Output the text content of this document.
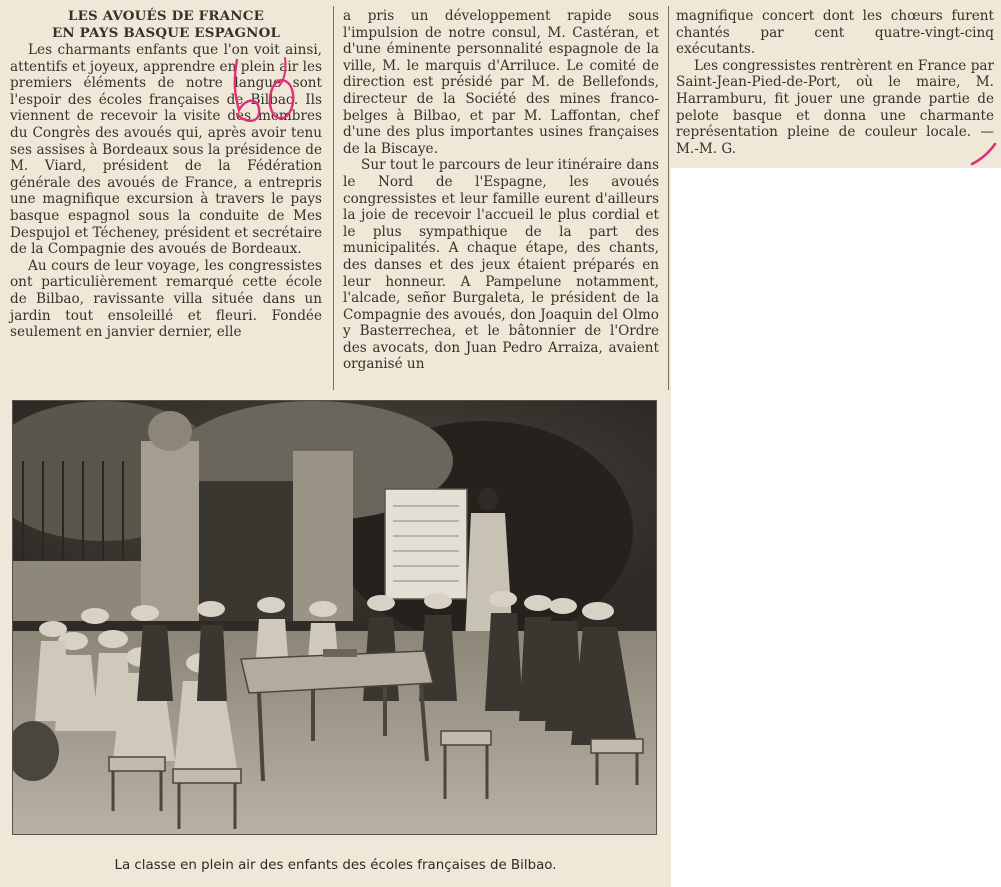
LES AVOUÉS DE FRANCE
EN PAYS BASQUE ESPAGNOL

Les charmants enfants que l'on voit ainsi, attentifs et joyeux, apprendre en plein air les premiers éléments de notre langue sont l'espoir des écoles françaises de Bilbao. Ils viennent de recevoir la visite des membres du Congrès des avoués qui, après avoir tenu ses assises à Bordeaux sous la présidence de M. Viard, président de la Fédération générale des avoués de France, a entrepris une magnifique excursion à travers le pays basque espagnol sous la conduite de Mes Despujol et Técheney, président et secrétaire de la Compagnie des avoués de Bordeaux.

Au cours de leur voyage, les congressistes ont particulièrement remarqué cette école de Bilbao, ravissante villa située dans un jardin tout ensoleillé et fleuri. Fondée seulement en janvier dernier, elle

a pris un développement rapide sous l'impulsion de notre consul, M. Castéran, et d'une éminente personnalité espagnole de la ville, M. le marquis d'Arriluce. Le comité de direction est présidé par M. de Bellefonds, directeur de la Société des mines franco-belges à Bilbao, et par M. Laffontan, chef d'une des plus importantes usines françaises de la Biscaye.

Sur tout le parcours de leur itinéraire dans le Nord de l'Espagne, les avoués congressistes et leur famille eurent d'ailleurs la joie de recevoir l'accueil le plus cordial et le plus sympathique de la part des municipalités. A chaque étape, des chants, des danses et des jeux étaient préparés en leur honneur. A Pampelune notamment, l'alcade, señor Burgaleta, le président de la Compagnie des avoués, don Joaquin del Olmo y Basterrechea, et le bâtonnier de l'Ordre des avocats, don Juan Pedro Arraiza, avaient organisé un

magnifique concert dont les chœurs furent chantés par cent quatre-vingt-cinq exécutants.

Les congressistes rentrèrent en France par Saint-Jean-Pied-de-Port, où le maire, M. Harramburu, fit jouer une grande partie de pelote basque et donna une charmante représentation pleine de couleur locale. — M.-M. G.

La classe en plein air des enfants des écoles françaises de Bilbao.
